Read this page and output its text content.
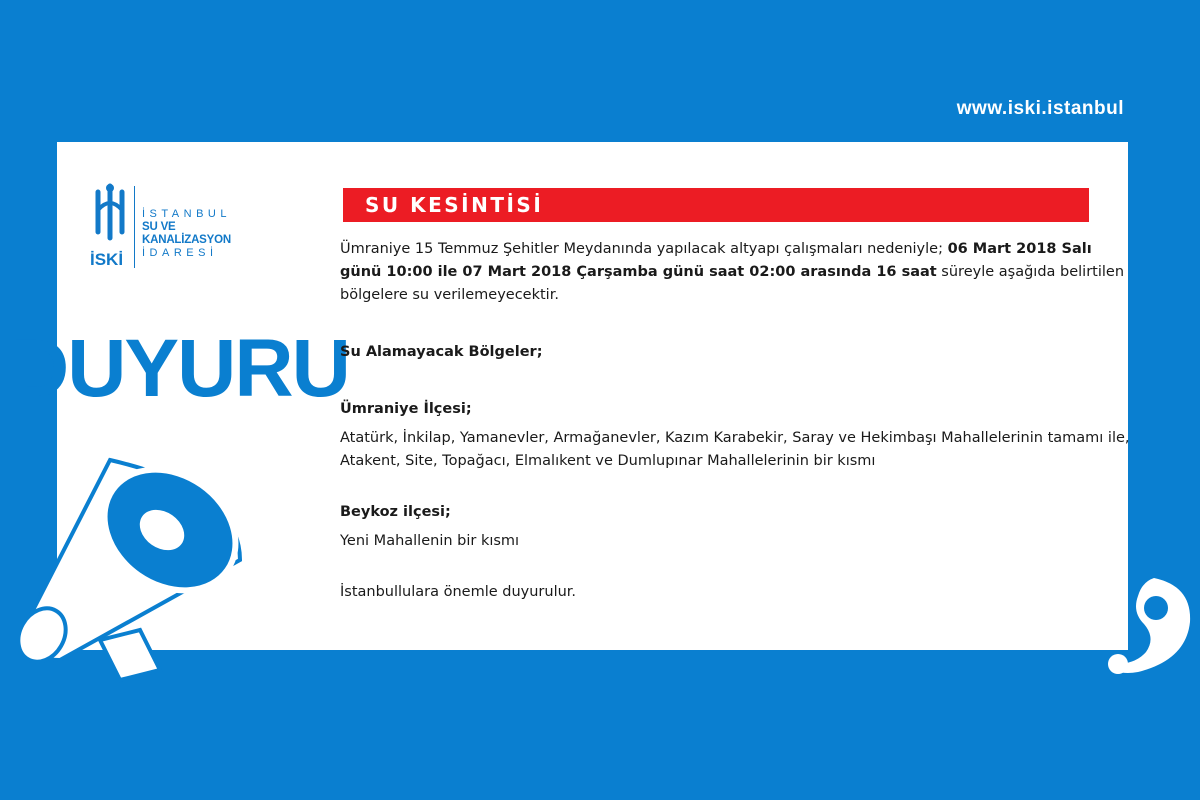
www.iski.istanbul
İSKİ
İSTANBUL
SU VE KANALİZASYON
İDARESİ
DUYURU
SU KESİNTİSİ

Ümraniye 15 Temmuz Şehitler Meydanında yapılacak altyapı çalışmaları nedeniyle; 06 Mart 2018 Salı günü 10:00 ile 07 Mart 2018 Çarşamba günü saat 02:00 arasında 16 saat süreyle aşağıda belirtilen bölgelere su verilemeyecektir.

Su Alamayacak Bölgeler;

Ümraniye İlçesi;

Atatürk, İnkilap, Yamanevler, Armağanevler, Kazım Karabekir, Saray ve Hekimbaşı Mahallelerinin tamamı ile, Atakent, Site, Topağacı, Elmalıkent ve Dumlupınar Mahallelerinin bir kısmı

Beykoz ilçesi;

Yeni Mahallenin bir kısmı

İstanbullulara önemle duyurulur.
